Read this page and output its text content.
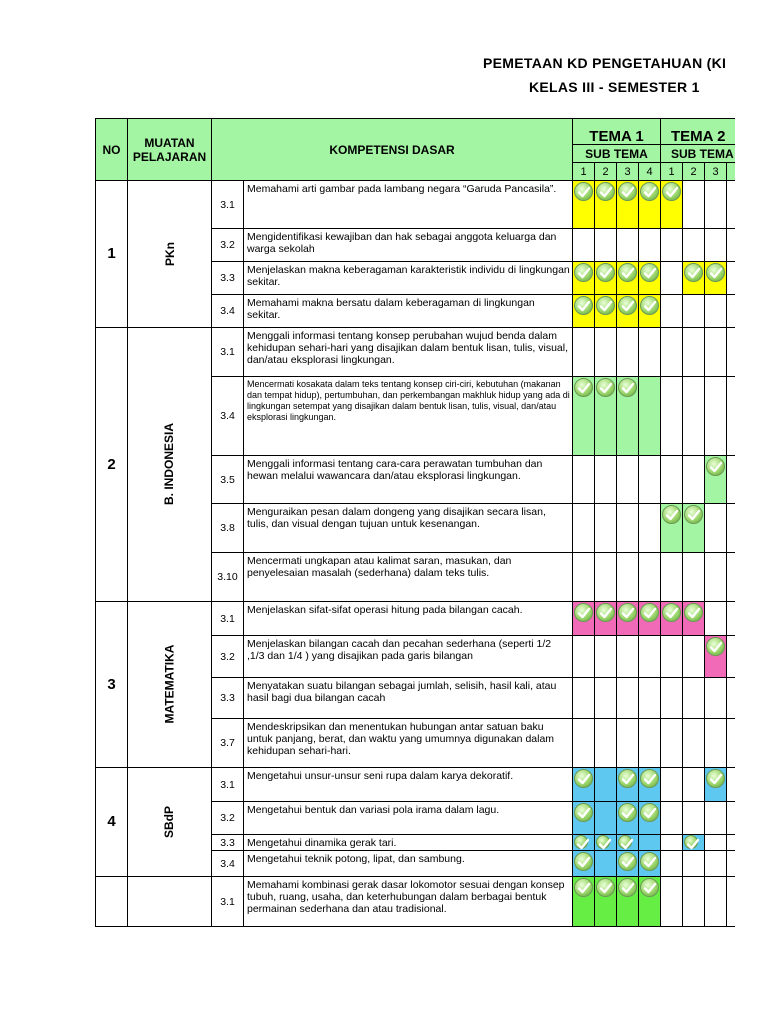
PEMETAAN KD PENGETAHUAN (KI
KELAS III - SEMESTER 1
NO	MUATAN PELAJARAN	KOMPETENSI DASAR		TEMA 1				TEMA 2			
				SUB TEMA				SUB TEMA			
				1	2	3	4	1	2	3	
1	PKn	3.1	Memahami arti gambar pada lambang negara “Garuda Pancasila”.	

		3.2	Mengidentifikasi kewajiban dan hak sebagai anggota keluarga dan warga sekolah								
		3.3	Menjelaskan makna keberagaman karakteristik individu di lingkungan sekitar.	

		3.4	Memahami makna bersatu dalam keberagaman di lingkungan sekitar.	

2	B. INDONESIA	3.1	Menggali informasi tentang konsep perubahan wujud benda dalam kehidupan sehari-hari yang disajikan dalam bentuk lisan, tulis, visual, dan/atau eksplorasi lingkungan.								
		3.4	Mencermati kosakata dalam teks tentang konsep ciri-ciri, kebutuhan (makanan dan tempat hidup), pertumbuhan, dan perkembangan makhluk hidup yang ada di lingkungan setempat yang disajikan dalam bentuk lisan, tulis, visual, dan/atau eksplorasi lingkungan.	

		3.5	Menggali informasi tentang cara-cara perawatan tumbuhan dan hewan melalui wawancara dan/atau eksplorasi lingkungan.							

		3.8	Menguraikan pesan dalam dongeng yang disajikan secara lisan, tulis, dan visual dengan tujuan untuk kesenangan.					

		3.10	Mencermati ungkapan atau kalimat saran, masukan, dan penyelesaian masalah (sederhana) dalam teks tulis.								
3	MATEMATIKA	3.1	Menjelaskan sifat-sifat operasi hitung pada bilangan cacah.	

		3.2	Menjelaskan bilangan cacah dan pecahan sederhana (seperti 1/2 ,1/3 dan 1/4 ) yang disajikan pada garis bilangan							

		3.3	Menyatakan suatu bilangan sebagai jumlah, selisih, hasil kali, atau hasil bagi dua bilangan cacah								
		3.7	Mendeskripsikan dan menentukan hubungan antar satuan baku untuk panjang, berat, dan waktu yang umumnya digunakan dalam kehidupan sehari-hari.								
4	SBdP	3.1	Mengetahui unsur-unsur seni rupa dalam karya dekoratif.	

		3.2	Mengetahui bentuk dan variasi pola irama dalam lagu.	

		3.3	Mengetahui dinamika gerak tari.	

		3.4	Mengetahui teknik potong, lipat, dan sambung.	

		3.1	Memahami kombinasi gerak dasar lokomotor sesuai dengan konsep tubuh, ruang, usaha, dan keterhubungan dalam berbagai bentuk permainan sederhana dan atau tradisional.	
